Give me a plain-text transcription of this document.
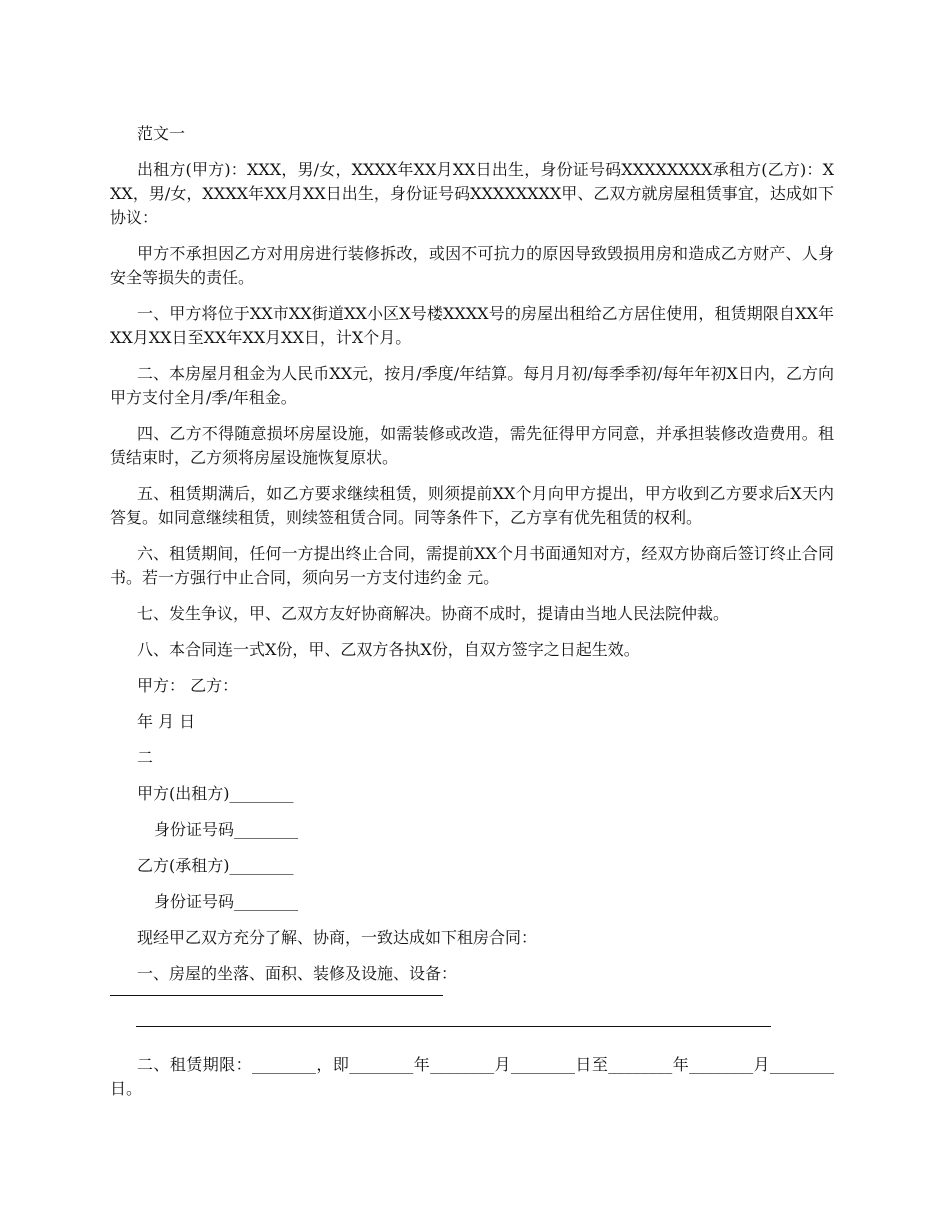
范文一

出租方(甲方)：XXX，男/女，XXXX年XX月XX日出生，身份证号码XXXXXXXX承租方(乙方)：XXX，男/女，XXXX年XX月XX日出生，身份证号码XXXXXXXX甲、乙双方就房屋租赁事宜，达成如下协议：

甲方不承担因乙方对用房进行装修拆改，或因不可抗力的原因导致毁损用房和造成乙方财产、人身安全等损失的责任。

一、甲方将位于XX市XX街道XX小区X号楼XXXX号的房屋出租给乙方居住使用，租赁期限自XX年XX月XX日至XX年XX月XX日，计X个月。

二、本房屋月租金为人民币XX元，按月/季度/年结算。每月月初/每季季初/每年年初X日内，乙方向甲方支付全月/季/年租金。

四、乙方不得随意损坏房屋设施，如需装修或改造，需先征得甲方同意，并承担装修改造费用。租赁结束时，乙方须将房屋设施恢复原状。

五、租赁期满后，如乙方要求继续租赁，则须提前XX个月向甲方提出，甲方收到乙方要求后X天内答复。如同意继续租赁，则续签租赁合同。同等条件下，乙方享有优先租赁的权利。

六、租赁期间，任何一方提出终止合同，需提前XX个月书面通知对方，经双方协商后签订终止合同书。若一方强行中止合同，须向另一方支付违约金 元。

七、发生争议，甲、乙双方友好协商解决。协商不成时，提请由当地人民法院仲裁。

八、本合同连一式X份，甲、乙双方各执X份，自双方签字之日起生效。

甲方： 乙方：

年 月 日

二

甲方(出租方)________

身份证号码________

乙方(承租方)________

身份证号码________

现经甲乙双方充分了解、协商，一致达成如下租房合同：

一、房屋的坐落、面积、装修及设施、设备：

二、租赁期限：________，即________年________月________日至________年________月________日。
